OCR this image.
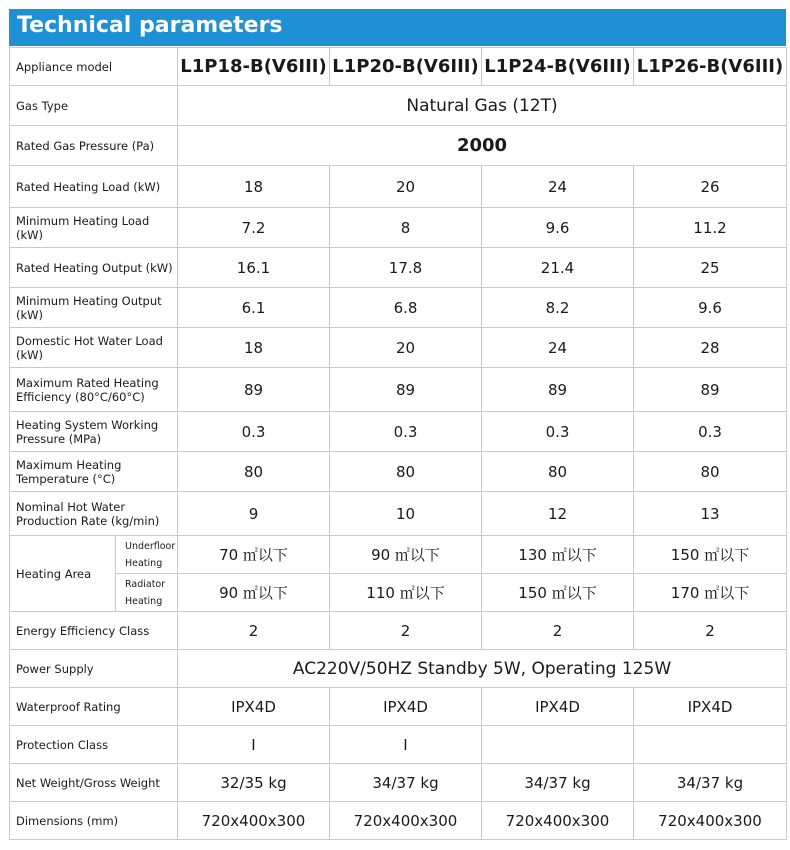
Technical parameters
Appliance model		L1P18-B(V6III)	L1P20-B(V6III)	L1P24-B(V6III)	L1P26-B(V6III)
Gas Type		Natural Gas (12T)			
Rated Gas Pressure (Pa)		2000			
Rated Heating Load (kW)		18	20	24	26
Minimum Heating Load (kW)		7.2	8	9.6	11.2
Rated Heating Output (kW)		16.1	17.8	21.4	25
Minimum Heating Output (kW)		6.1	6.8	8.2	9.6
Domestic Hot Water Load (kW)		18	20	24	28
Maximum Rated Heating Efficiency (80°C/60°C)		89	89	89	89
Heating System Working Pressure (MPa)		0.3	0.3	0.3	0.3
Maximum Heating Temperature (°C)		80	80	80	80
Nominal Hot Water Production Rate (kg/min)		9	10	12	13
Heating Area	Underfloor Heating	70 ㎡以下	90 ㎡以下	130 ㎡以下	150 ㎡以下
	Radiator Heating	90 ㎡以下	110 ㎡以下	150 ㎡以下	170 ㎡以下
Energy Efficiency Class		2	2	2	2
Power Supply		AC220V/50HZ Standby 5W, Operating 125W			
Waterproof Rating		IPX4D	IPX4D	IPX4D	IPX4D
Protection Class		I	I		
Net Weight/Gross Weight		32/35 kg	34/37 kg	34/37 kg	34/37 kg
Dimensions (mm)		720x400x300	720x400x300	720x400x300	720x400x300
